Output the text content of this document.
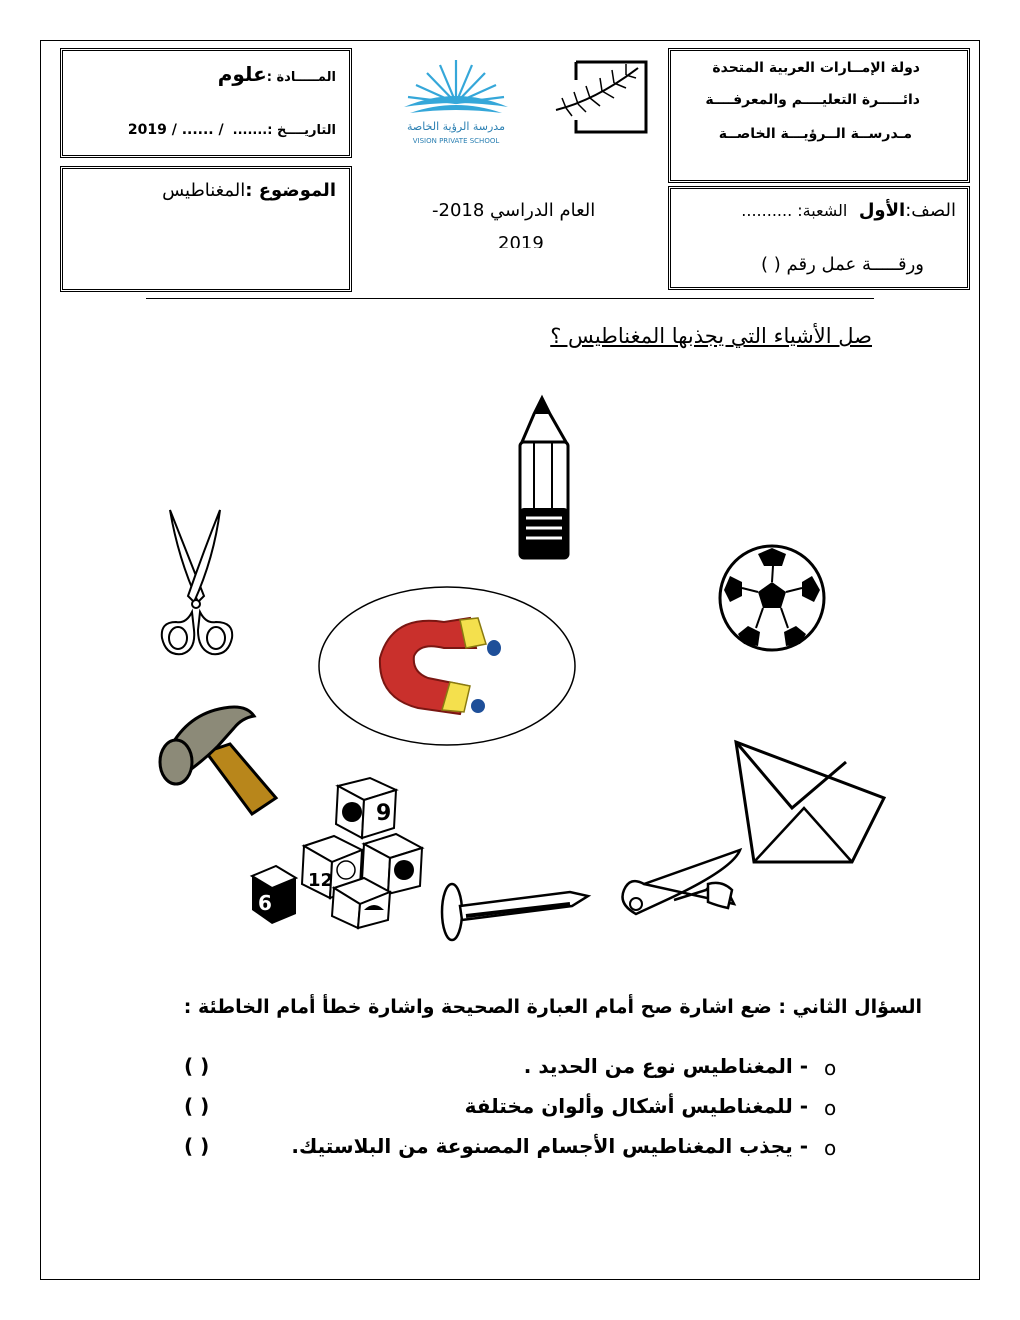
دولة الإمــارات العربية المتحدة
دائـــــرة التعليــــم والمعرفــــة
مـدرســة الــرؤيـــة الخاصــة
الصف:الأول  الشعبة: ..........
ورقـــــة عمل رقم ( )
المـــــادة :علوم
التاريــــخ :.......  / ...... / 2019
الموضوع :المغناطيس
العام الدراسي 2018-
2019
مدرسة الرؤية الخاصة
VISION PRIVATE SCHOOL
صل الأشياء التي يجذبها المغناطيس ؟
9
12
6
السؤال الثاني : ضع اشارة صح أمام العبارة الصحيحة واشارة خطأ أمام الخاطئة :
o
- المغناطيس نوع من الحديد .
( )
o
- للمغناطيس أشكال وألوان مختلفة
( )
o
- يجذب المغناطيس الأجسام المصنوعة من البلاستيك.
( )
